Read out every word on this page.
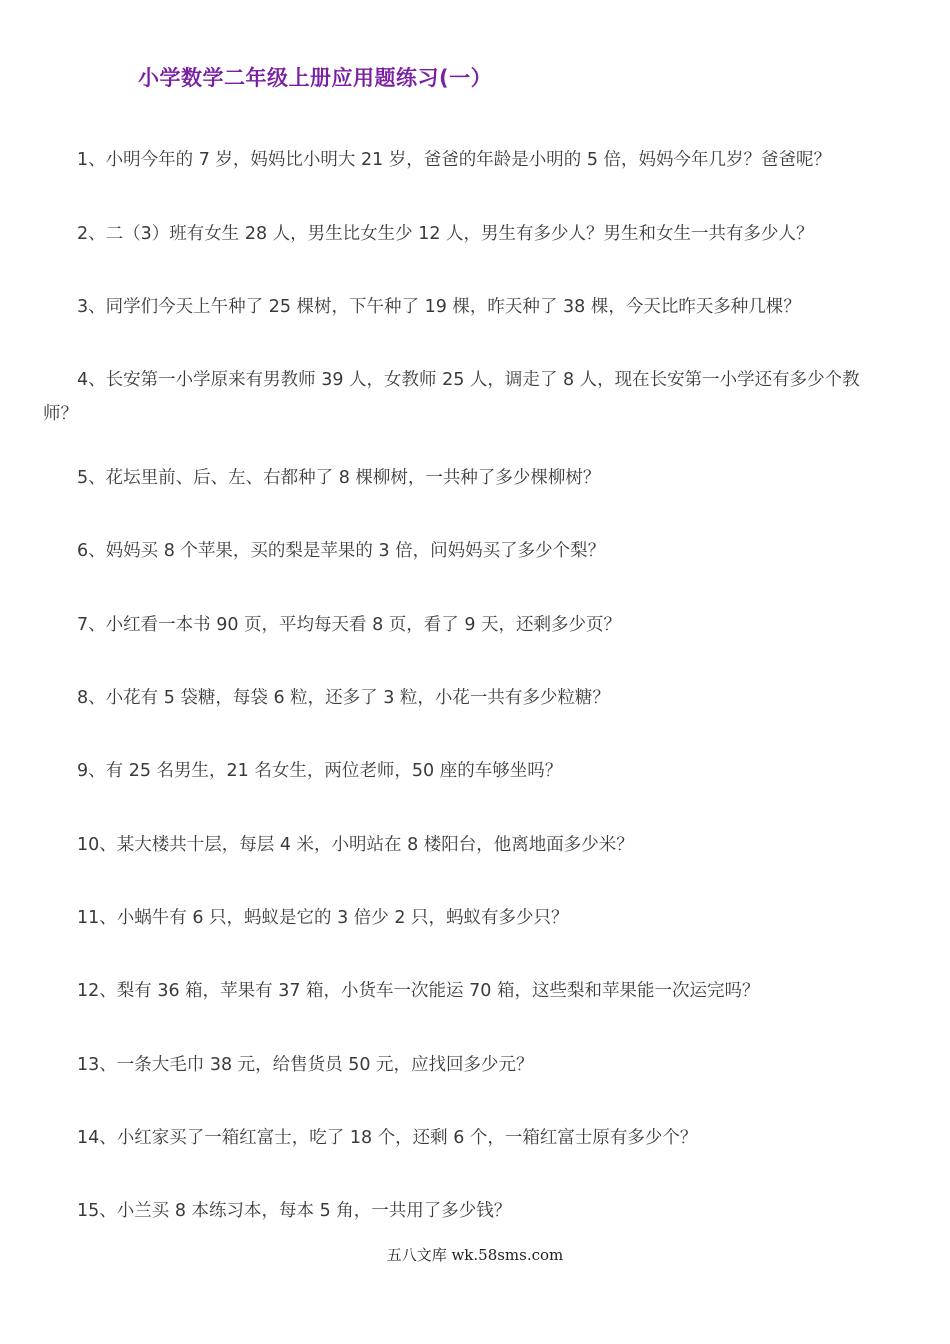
小学数学二年级上册应用题练习(一）
1、小明今年的 7 岁，妈妈比小明大 21 岁，爸爸的年龄是小明的 5 倍，妈妈今年几岁？爸爸呢？
2、二（3）班有女生 28 人，男生比女生少 12 人，男生有多少人？男生和女生一共有多少人？
3、同学们今天上午种了 25 棵树，下午种了 19 棵，昨天种了 38 棵，今天比昨天多种几棵？
4、长安第一小学原来有男教师 39 人，女教师 25 人，调走了 8 人，现在长安第一小学还有多少个教师？
5、花坛里前、后、左、右都种了 8 棵柳树，一共种了多少棵柳树？
6、妈妈买 8 个苹果，买的梨是苹果的 3 倍，问妈妈买了多少个梨？
7、小红看一本书 90 页，平均每天看 8 页，看了 9 天，还剩多少页？
8、小花有 5 袋糖，每袋 6 粒，还多了 3 粒，小花一共有多少粒糖？
9、有 25 名男生，21 名女生，两位老师，50 座的车够坐吗？
10、某大楼共十层，每层 4 米，小明站在 8 楼阳台，他离地面多少米？
11、小蜗牛有 6 只，蚂蚁是它的 3 倍少 2 只，蚂蚁有多少只？
12、梨有 36 箱，苹果有 37 箱，小货车一次能运 70 箱，这些梨和苹果能一次运完吗？
13、一条大毛巾 38 元，给售货员 50 元，应找回多少元？
14、小红家买了一箱红富士，吃了 18 个，还剩 6 个，一箱红富士原有多少个？
15、小兰买 8 本练习本，每本 5 角，一共用了多少钱？
五八文库 wk.58sms.com
